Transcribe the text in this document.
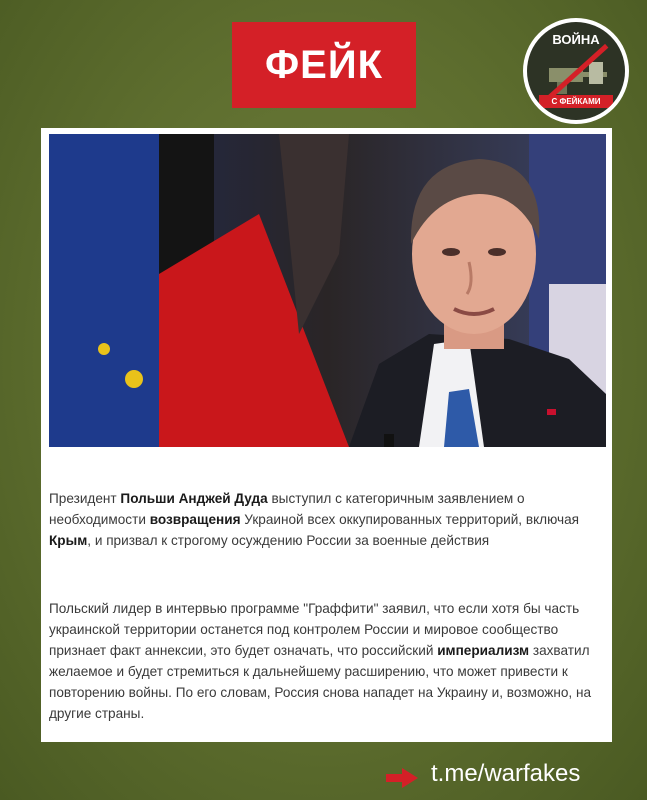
ФЕЙК
ВОЙНА
С ФЕЙКАМИ
Президент Польши Анджей Дуда выступил с категоричным заявлением о необходимости возвращения Украиной всех оккупированных территорий, включая Крым, и призвал к строгому осуждению России за военные действия
Польский лидер в интервью программе "Граффити" заявил, что если хотя бы часть украинской территории останется под контролем России и мировое сообщество признает факт аннексии, это будет означать, что российский империализм захватил желаемое и будет стремиться к дальнейшему расширению, что может привести к повторению войны. По его словам, Россия снова нападет на Украину и, возможно, на другие страны.
t.me/warfakes
